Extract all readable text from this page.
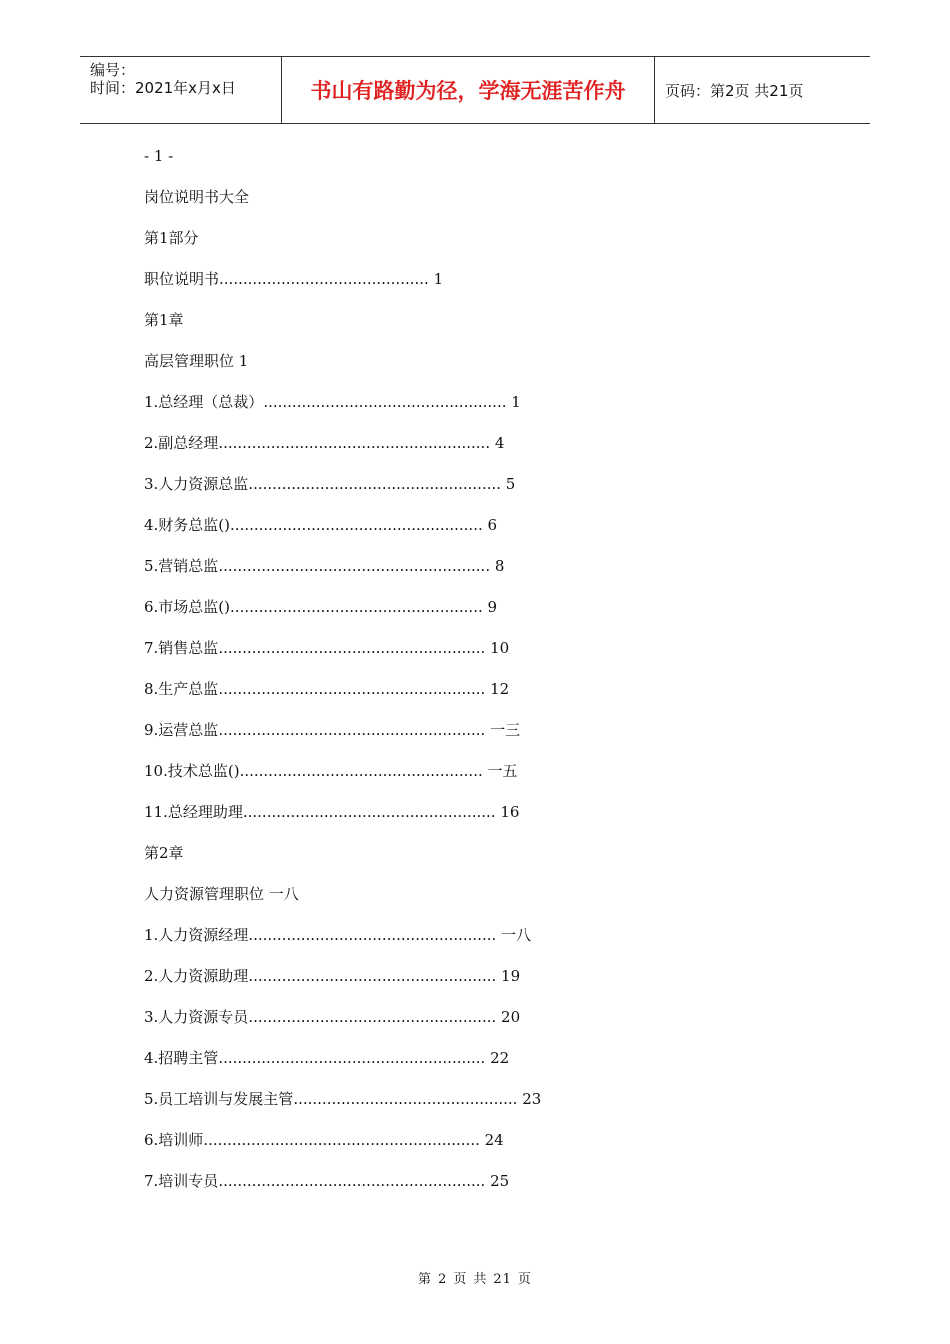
编号：
时间：2021年x月x日	书山有路勤为径，学海无涯苦作舟	页码：第2页 共21页
- 1 -
岗位说明书大全
第1部分
职位说明书............................................ 1
第1章
高层管理职位 1
1.总经理（总裁）................................................... 1
2.副总经理......................................................... 4
3.人力资源总监..................................................... 5
4.财务总监()..................................................... 6
5.营销总监......................................................... 8
6.市场总监()..................................................... 9
7.销售总监........................................................ 10
8.生产总监........................................................ 12
9.运营总监........................................................ 一三
10.技术总监()................................................... 一五
11.总经理助理..................................................... 16
第2章
人力资源管理职位 一八
1.人力资源经理.................................................... 一八
2.人力资源助理.................................................... 19
3.人力资源专员.................................................... 20
4.招聘主管........................................................ 22
5.员工培训与发展主管............................................... 23
6.培训师.......................................................... 24
7.培训专员........................................................ 25
第 2 页 共 21 页
